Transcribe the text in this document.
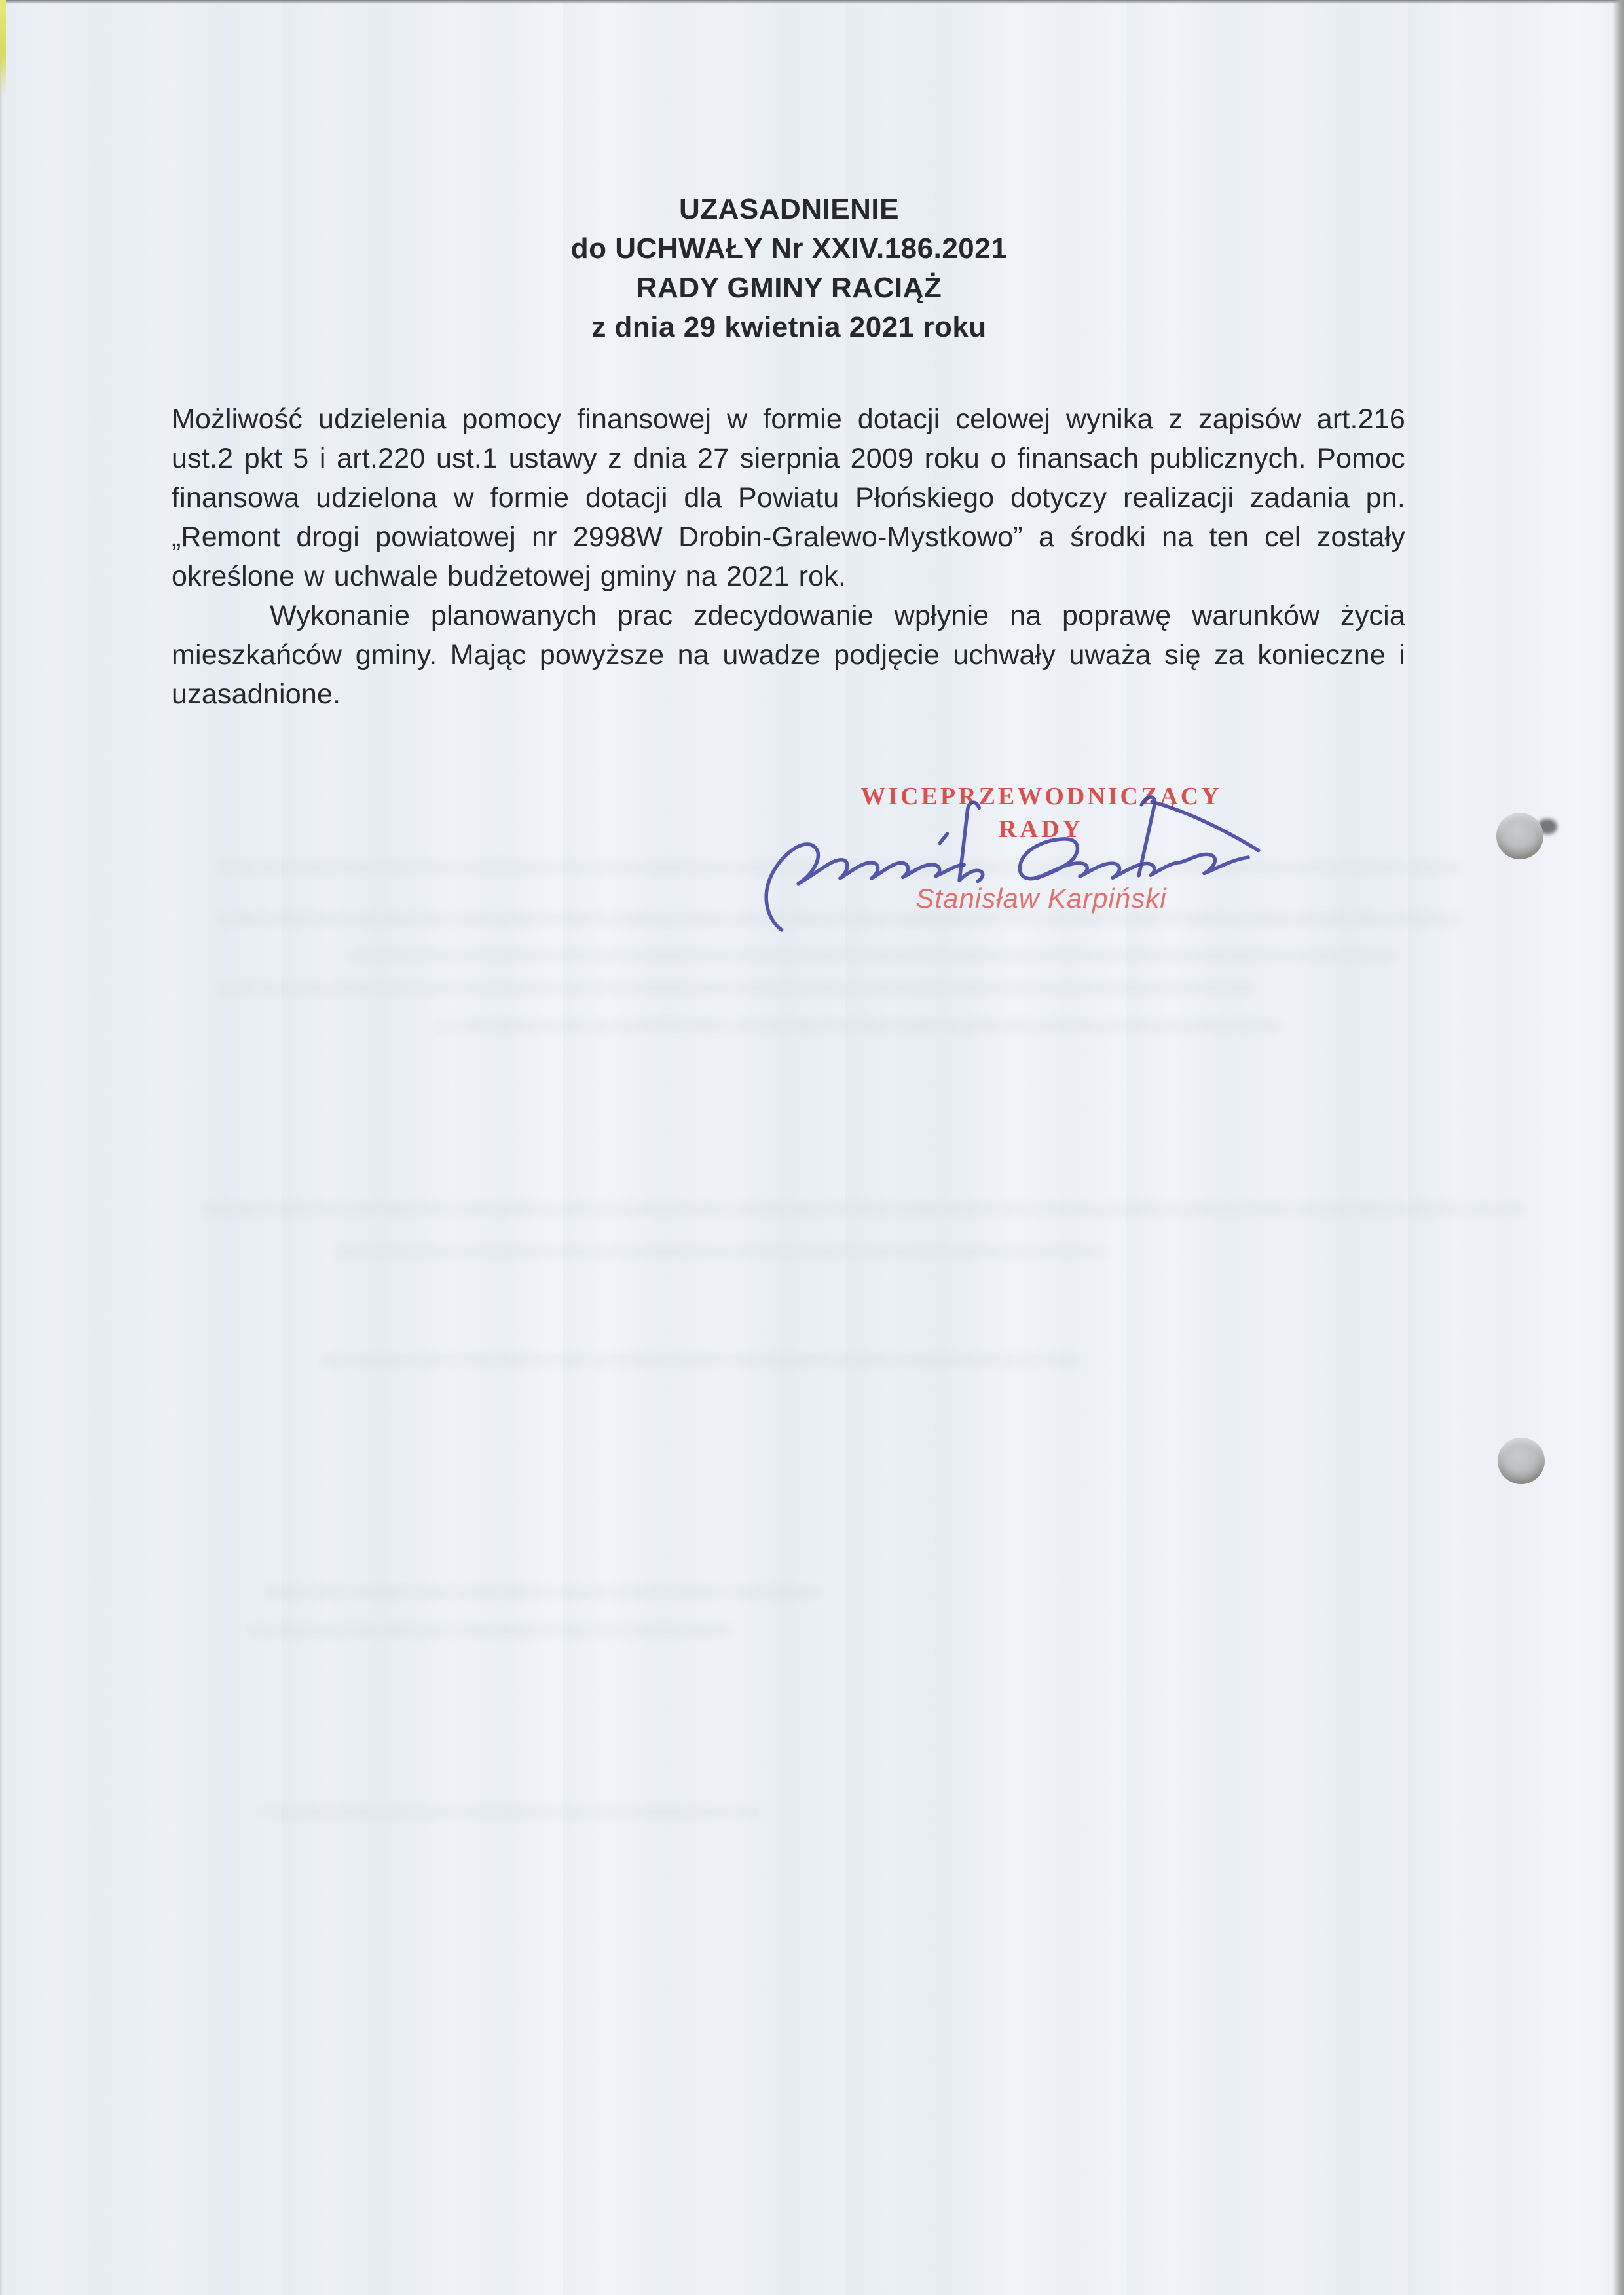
UZASADNIENIE
do UCHWAŁY Nr XXIV.186.2021
RADY GMINY RACIĄŻ
z dnia 29 kwietnia 2021 roku

Możliwość udzielenia pomocy finansowej w formie dotacji celowej wynika z zapisów art.216 ust.2 pkt 5 i art.220 ust.1 ustawy z dnia 27 sierpnia 2009 roku o finansach publicznych. Pomoc finansowa udzielona w formie dotacji dla Powiatu Płońskiego dotyczy realizacji zadania pn. „Remont drogi powiatowej nr 2998W Drobin-Gralewo-Mystkowo” a środki na ten cel zostały określone w uchwale budżetowej gminy na 2021 rok.

Wykonanie planowanych prac zdecydowanie wpłynie na poprawę warunków życia mieszkańców gminy. Mając powyższe na uwadze podjęcie uchwały uważa się za konieczne i uzasadnione.

WICEPRZEWODNICZĄCY
RADY
Stanisław Karpiński
